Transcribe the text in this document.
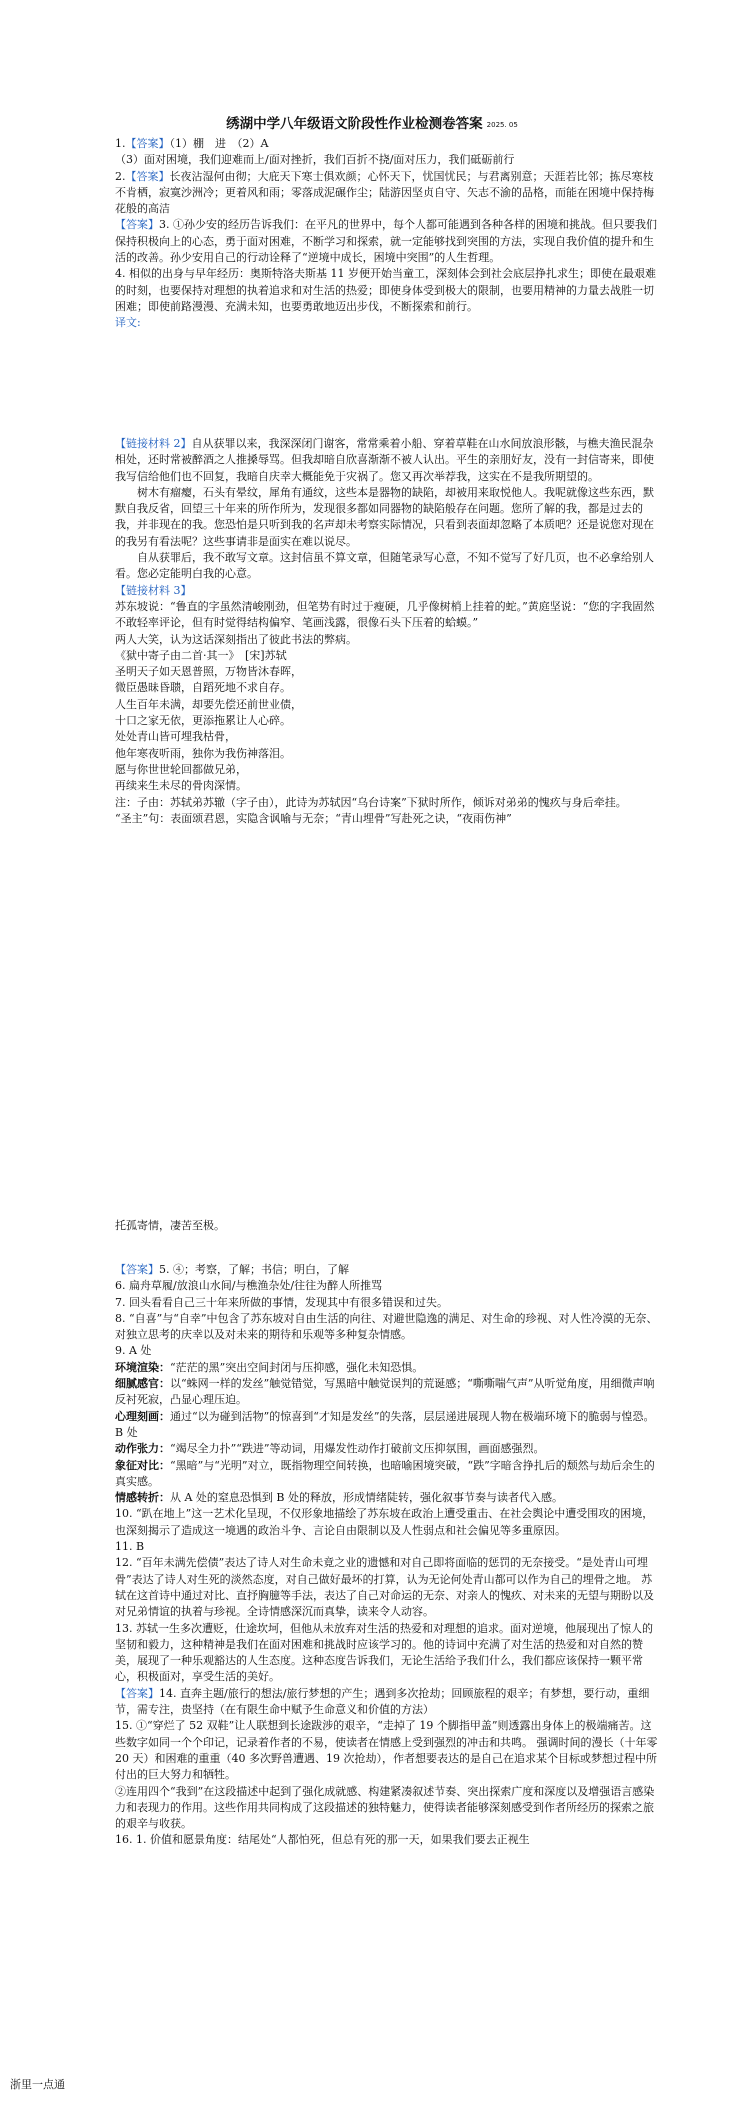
绣湖中学八年级语文阶段性作业检测卷答案 2025. 05

1.【答案】（1）棚　进　（2）A

（3）面对困境，我们迎难而上/面对挫折，我们百折不挠/面对压力，我们砥砺前行

2.【答案】长夜沾湿何由彻；大庇天下寒士俱欢颜；心怀天下，忧国忧民；与君离别意；天涯若比邻；拣尽寒枝不肯栖，寂寞沙洲冷；更着风和雨；零落成泥碾作尘；陆游因坚贞自守、矢志不渝的品格，而能在困境中保持梅花般的高洁

【答案】3. ①孙少安的经历告诉我们：在平凡的世界中，每个人都可能遇到各种各样的困境和挑战。但只要我们保持积极向上的心态，勇于面对困难，不断学习和探索，就一定能够找到突围的方法，实现自我价值的提升和生活的改善。孙少安用自己的行动诠释了“逆境中成长，困境中突围”的人生哲理。

4. 相似的出身与早年经历：奥斯特洛夫斯基 11 岁便开始当童工，深刻体会到社会底层挣扎求生；即使在最艰难的时刻，也要保持对理想的执着追求和对生活的热爱；即使身体受到极大的限制，也要用精神的力量去战胜一切困难；即使前路漫漫、充满未知，也要勇敢地迈出步伐，不断探索和前行。

译文:

【链接材料 2】自从获罪以来，我深深闭门谢客，常常乘着小船、穿着草鞋在山水间放浪形骸，与樵夫渔民混杂相处，还时常被醉酒之人推搡辱骂。但我却暗自欣喜渐渐不被人认出。平生的亲朋好友，没有一封信寄来，即使我写信给他们也不回复，我暗自庆幸大概能免于灾祸了。您又再次举荐我，这实在不是我所期望的。

树木有瘤瘿，石头有晕纹，犀角有通纹，这些本是器物的缺陷，却被用来取悦他人。我呢就像这些东西，默默自我反省，回望三十年来的所作所为，发现很多都如同器物的缺陷般存在问题。您所了解的我，都是过去的我，并非现在的我。您恐怕是只听到我的名声却未考察实际情况，只看到表面却忽略了本质吧？还是说您对现在的我另有看法呢？这些事请非是面实在难以说尽。

自从获罪后，我不敢写文章。这封信虽不算文章，但随笔录写心意，不知不觉写了好几页，也不必拿给别人看。您必定能明白我的心意。

【链接材料 3】

苏东坡说：“鲁直的字虽然清峻刚劲，但笔势有时过于瘦硬，几乎像树梢上挂着的蛇。”黄庭坚说：“您的字我固然不敢轻率评论，但有时觉得结构偏窄、笔画浅露，很像石头下压着的蛤蟆。”

两人大笑，认为这话深刻指出了彼此书法的弊病。

《狱中寄子由二首·其一》　[宋]苏轼

圣明天子如天恩普照，万物皆沐春晖，

微臣愚昧昏聩，自蹈死地不求自存。

人生百年未满，却要先偿还前世业债，

十口之家无依，更添拖累让人心碎。

处处青山皆可埋我枯骨，

他年寒夜听雨，独你为我伤神落泪。

愿与你世世轮回都做兄弟，

再续来生未尽的骨肉深情。

注：子由：苏轼弟苏辙（字子由），此诗为苏轼因“乌台诗案”下狱时所作，倾诉对弟弟的愧疚与身后牵挂。

“圣主”句：表面颂君恩，实隐含讽喻与无奈；“青山埋骨”写赴死之诀，“夜雨伤神”

托孤寄情，凄苦至极。

【答案】5. ④；考察，了解；书信；明白，了解

6. 扁舟草履/放浪山水间/与樵渔杂处/往往为醉人所推骂

7. 回头看看自己三十年来所做的事情，发现其中有很多错误和过失。

8. “自喜”与“自幸”中包含了苏东坡对自由生活的向往、对避世隐逸的满足、对生命的珍视、对人性冷漠的无奈、对独立思考的庆幸以及对未来的期待和乐观等多种复杂情感。

9. A 处

环境渲染：“茫茫的黑”突出空间封闭与压抑感，强化未知恐惧。

细腻感官：以“蛛网一样的发丝”触觉错觉，写黑暗中触觉误判的荒诞感；“嘶嘶喘气声”从听觉角度，用细微声响反衬死寂，凸显心理压迫。

心理刻画：通过“以为碰到活物”的惊喜到“才知是发丝”的失落，层层递进展现人物在极端环境下的脆弱与惶恐。

B 处

动作张力：“竭尽全力扑”“跌进”等动词，用爆发性动作打破前文压抑氛围，画面感强烈。

象征对比：“黑暗”与“光明”对立，既指物理空间转换，也暗喻困境突破，“跌”字暗含挣扎后的颓然与劫后余生的真实感。

情感转折：从 A 处的窒息恐惧到 B 处的释放，形成情绪陡转，强化叙事节奏与读者代入感。

10. “趴在地上”这一艺术化呈现，不仅形象地描绘了苏东坡在政治上遭受重击、在社会舆论中遭受围攻的困境，也深刻揭示了造成这一境遇的政治斗争、言论自由限制以及人性弱点和社会偏见等多重原因。

11. B

12. “百年未满先偿债”表达了诗人对生命未竟之业的遗憾和对自己即将面临的惩罚的无奈接受。“是处青山可埋骨”表达了诗人对生死的淡然态度，对自己做好最坏的打算，认为无论何处青山都可以作为自己的埋骨之地。 苏轼在这首诗中通过对比、直抒胸臆等手法，表达了自己对命运的无奈、对亲人的愧疚、对未来的无望与期盼以及对兄弟情谊的执着与珍视。全诗情感深沉而真挚，读来令人动容。

13. 苏轼一生多次遭贬，仕途坎坷，但他从未放弃对生活的热爱和对理想的追求。面对逆境，他展现出了惊人的坚韧和毅力，这种精神是我们在面对困难和挑战时应该学习的。他的诗词中充满了对生活的热爱和对自然的赞美，展现了一种乐观豁达的人生态度。这种态度告诉我们，无论生活给予我们什么，我们都应该保持一颗平常心，积极面对，享受生活的美好。

【答案】14. 直奔主题/旅行的想法/旅行梦想的产生；遇到多次抢劫；回顾旅程的艰辛；有梦想，要行动，重细节，需专注，贵坚持（在有限生命中赋予生命意义和价值的方法）

15. ①“穿烂了 52 双鞋”让人联想到长途跋涉的艰辛，“走掉了 19 个脚指甲盖”则透露出身体上的极端痛苦。这些数字如同一个个印记，记录着作者的不易，使读者在情感上受到强烈的冲击和共鸣。 强调时间的漫长（十年零 20 天）和困难的重重（40 多次野兽遭遇、19 次抢劫），作者想要表达的是自己在追求某个目标或梦想过程中所付出的巨大努力和牺牲。

②连用四个“我到”在这段描述中起到了强化成就感、构建紧凑叙述节奏、突出探索广度和深度以及增强语言感染力和表现力的作用。这些作用共同构成了这段描述的独特魅力，使得读者能够深刻感受到作者所经历的探索之旅的艰辛与收获。

16. 1. 价值和愿景角度：结尾处“人都怕死，但总有死的那一天，如果我们要去正视生

浙里一点通
